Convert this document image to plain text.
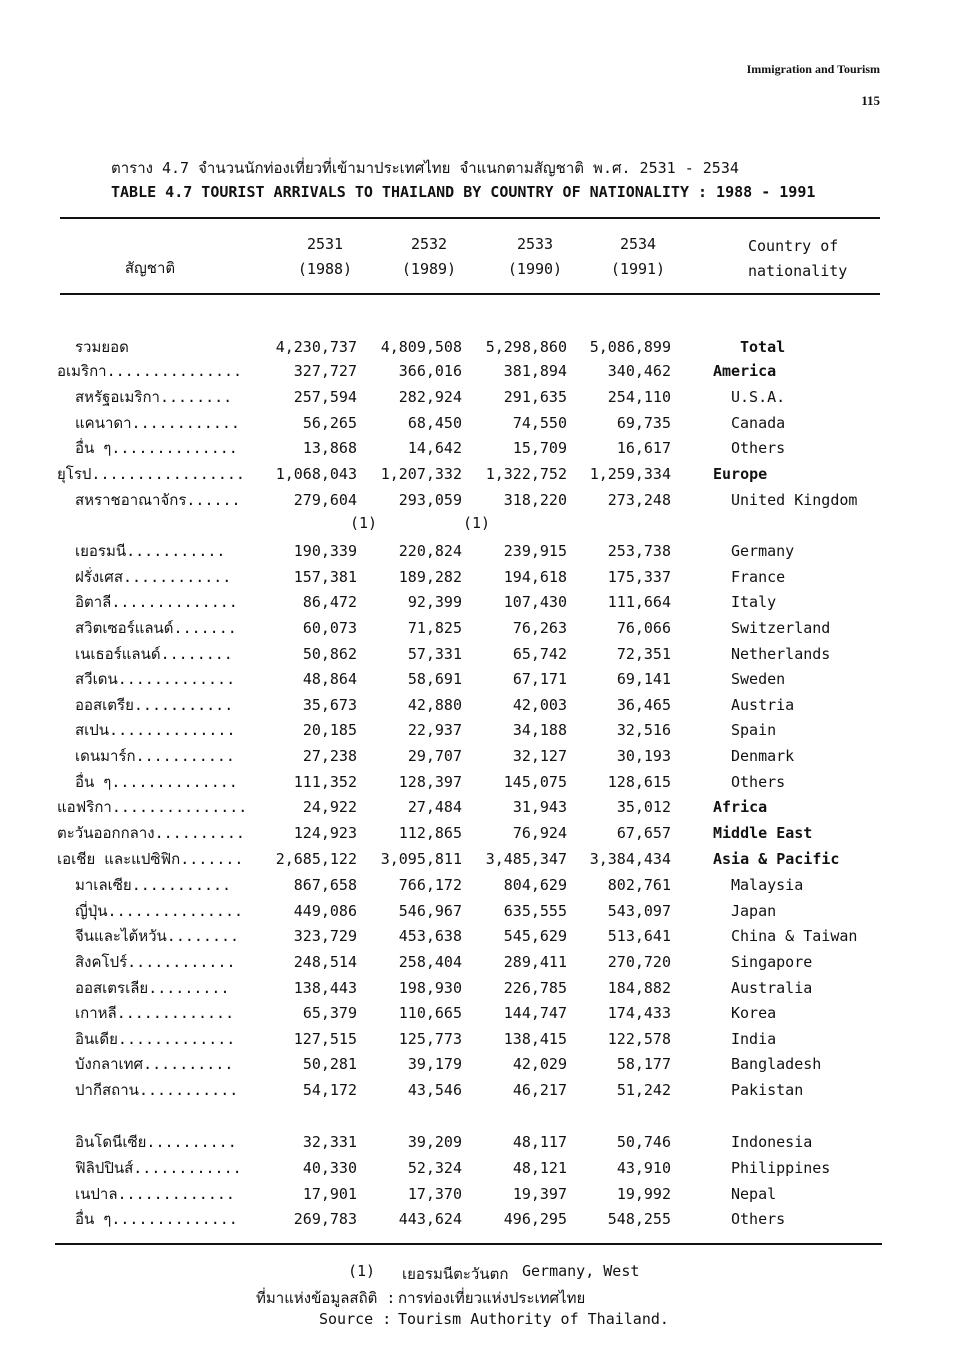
Immigration and Tourism
115
ตาราง 4.7 จำนวนนักท่องเที่ยวที่เข้ามาประเทศไทย จำแนกตามสัญชาติ พ.ศ. 2531 - 2534
TABLE 4.7 TOURIST ARRIVALS TO THAILAND BY COUNTRY OF NATIONALITY : 1988 - 1991
สัญชาติ
2531
(1988)
2532
(1989)
2533
(1990)
2534
(1991)
Country of
nationality
รวมยอด	4,230,737	4,809,508	5,298,860	5,086,899	Total
อเมริกา...............	327,727	366,016	381,894	340,462	America
สหรัฐอเมริกา........	257,594	282,924	291,635	254,110	U.S.A.
แคนาดา............	56,265	68,450	74,550	69,735	Canada
อื่น ๆ..............	13,868	14,642	15,709	16,617	Others
ยุโรป.................	1,068,043	1,207,332	1,322,752	1,259,334	Europe
สหราชอาณาจักร......	279,604	293,059	318,220	273,248	United Kingdom
เยอรมนี...........	190,339	220,824	239,915	253,738	Germany
ฝรั่งเศส............	157,381	189,282	194,618	175,337	France
อิตาลี..............	86,472	92,399	107,430	111,664	Italy
สวิตเซอร์แลนด์.......	60,073	71,825	76,263	76,066	Switzerland
เนเธอร์แลนด์........	50,862	57,331	65,742	72,351	Netherlands
สวีเดน.............	48,864	58,691	67,171	69,141	Sweden
ออสเตรีย...........	35,673	42,880	42,003	36,465	Austria
สเปน..............	20,185	22,937	34,188	32,516	Spain
เดนมาร์ก...........	27,238	29,707	32,127	30,193	Denmark
อื่น ๆ..............	111,352	128,397	145,075	128,615	Others
แอฟริกา...............	24,922	27,484	31,943	35,012	Africa
ตะวันออกกลาง..........	124,923	112,865	76,924	67,657	Middle East
เอเชีย และแปซิฟิก.......	2,685,122	3,095,811	3,485,347	3,384,434	Asia & Pacific
มาเลเซีย...........	867,658	766,172	804,629	802,761	Malaysia
ญี่ปุ่น...............	449,086	546,967	635,555	543,097	Japan
จีนและไต้หวัน........	323,729	453,638	545,629	513,641	China & Taiwan
สิงคโปร์............	248,514	258,404	289,411	270,720	Singapore
ออสเตรเลีย.........	138,443	198,930	226,785	184,882	Australia
เกาหลี.............	65,379	110,665	144,747	174,433	Korea
อินเดีย.............	127,515	125,773	138,415	122,578	India
บังกลาเทศ..........	50,281	39,179	42,029	58,177	Bangladesh
ปากีสถาน...........	54,172	43,546	46,217	51,242	Pakistan
อินโดนีเซีย..........	32,331	39,209	48,117	50,746	Indonesia
ฟิลิปปินส์............	40,330	52,324	48,121	43,910	Philippines
เนปาล.............	17,901	17,370	19,397	19,992	Nepal
อื่น ๆ..............	269,783	443,624	496,295	548,255	Others
(1)	(1)
(1) เยอรมนีตะวันตก Germany, West
ที่มาแห่งข้อมูลสถิติ : การท่องเที่ยวแห่งประเทศไทย
Source : Tourism Authority of Thailand.
